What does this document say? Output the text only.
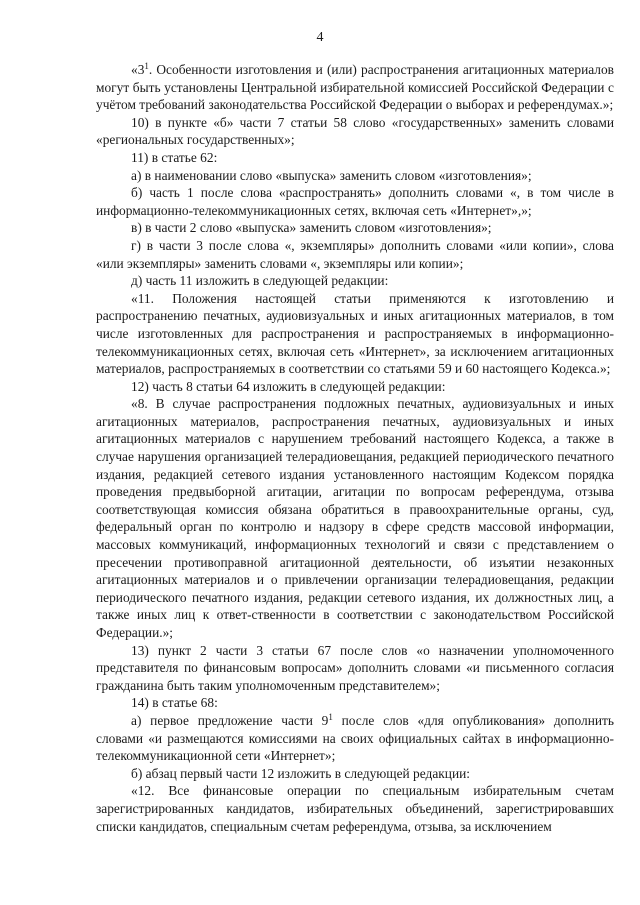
4

«$3^1$. Особенности изготовления и (или) распространения агитационных материалов могут быть установлены Центральной избирательной комиссией Российской Федерации с учётом требований законодательства Российской Федерации о выборах и референдумах.»;

10) в пункте «б» части 7 статьи 58 слово «государственных» заменить словами «региональных государственных»;

11) в статье 62:

а) в наименовании слово «выпуска» заменить словом «изготовления»;

б) часть 1 после слова «распространять» дополнить словами «, в том числе в информационно-телекоммуникационных сетях, включая сеть «Интернет»,»;

в) в части 2 слово «выпуска» заменить словом «изготовления»;

г) в части 3 после слова «, экземпляры» дополнить словами «или копии», слова «или экземпляры» заменить словами «, экземпляры или копии»;

д) часть 11 изложить в следующей редакции:

«11. Положения настоящей статьи применяются к изготовлению и распространению печатных, аудиовизуальных и иных агитационных материалов, в том числе изготовленных для распространения и распространяемых в информационно-телекоммуникационных сетях, включая сеть «Интернет», за исключением агитационных материалов, распространяемых в соответствии со статьями 59 и 60 настоящего Кодекса.»;

12) часть 8 статьи 64 изложить в следующей редакции:

«8. В случае распространения подложных печатных, аудиовизуальных и иных агитационных материалов, распространения печатных, аудиовизуальных и иных агитационных материалов с нарушением требований настоящего Кодекса, а также в случае нарушения организацией телерадиовещания, редакцией периодического печатного издания, редакцией сетевого издания установленного настоящим Кодексом порядка проведения предвыборной агитации, агитации по вопросам референдума, отзыва соответствующая комиссия обязана обратиться в правоохранительные органы, суд, федеральный орган по контролю и надзору в сфере средств массовой информации, массовых коммуникаций, информационных технологий и связи с представлением о пресечении противоправной агитационной деятельности, об изъятии незаконных агитационных материалов и о привлечении организации телерадиовещания, редакции периодического печатного издания, редакции сетевого издания, их должностных лиц, а также иных лиц к ответ-ственности в соответствии с законодательством Российской Федерации.»;

13) пункт 2 части 3 статьи 67 после слов «о назначении уполномоченного представителя по финансовым вопросам» дополнить словами «и письменного согласия гражданина быть таким уполномоченным представителем»;

14) в статье 68:

а) первое предложение части $9^1$ после слов «для опубликования» дополнить словами «и размещаются комиссиями на своих официальных сайтах в информационно-телекоммуникационной сети «Интернет»;

б) абзац первый части 12 изложить в следующей редакции:

«12. Все финансовые операции по специальным избирательным счетам зарегистрированных кандидатов, избирательных объединений, зарегистрировавших списки кандидатов, специальным счетам референдума, отзыва, за исключением
